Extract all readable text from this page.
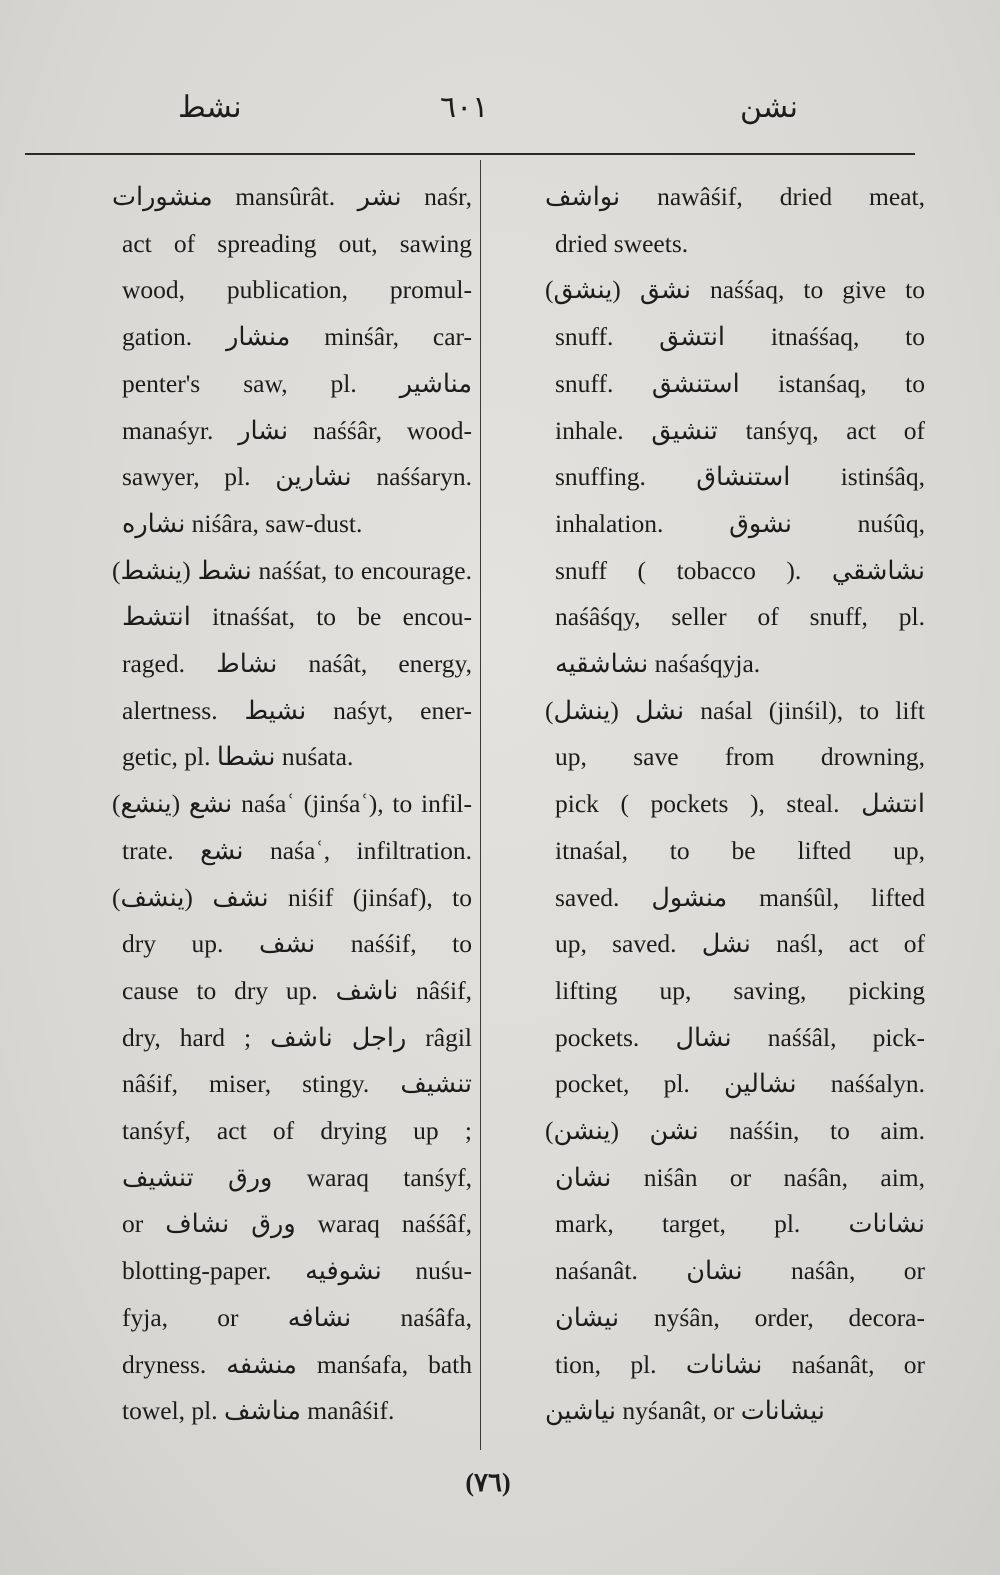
نشط	٦٠١	نشن
منشورات mansûrât. نشر naśr,
act of spreading out, sawing
wood, publication, promul-
gation. منشار minśâr, car-
penter's saw, pl. مناشير
manaśyr. نشار naśśâr, wood-
sawyer, pl. نشارين naśśaryn.
نشاره niśâra, saw-dust.
نشط (ينشط) naśśat, to encourage.
انتشط itnaśśat, to be encou-
raged. نشاط naśât, energy,
alertness. نشيط naśyt, ener-
getic, pl. نشطا nuśata.
نشع (ينشع) naśaʿ (jinśaʿ), to infil-
trate. نشع naśaʿ, infiltration.
نشف (ينشف) niśif (jinśaf), to
dry up. نشف naśśif, to
cause to dry up. ناشف nâśif,
dry, hard ; راجل ناشف râgil
nâśif, miser, stingy. تنشيف
tanśyf, act of drying up ;
ورق تنشيف waraq tanśyf,
or ورق نشاف waraq naśśâf,
blotting-paper. نشوفيه nuśu-
fyja, or نشافه naśâfa,
dryness. منشفه manśafa, bath
towel, pl. مناشف manâśif.
نواشف nawâśif, dried meat,
dried sweets.
نشق (ينشق) naśśaq, to give to
snuff. انتشق itnaśśaq, to
snuff. استنشق istanśaq, to
inhale. تنشيق tanśyq, act of
snuffing. استنشاق istinśâq,
inhalation. نشوق nuśûq,
snuff ( tobacco ). نشاشقي
naśâśqy, seller of snuff, pl.
نشاشقيه naśaśqyja.
نشل (ينشل) naśal (jinśil), to lift
up, save from drowning,
pick ( pockets ), steal. انتشل
itnaśal, to be lifted up,
saved. منشول manśûl, lifted
up, saved. نشل naśl, act of
lifting up, saving, picking
pockets. نشال naśśâl, pick-
pocket, pl. نشالين naśśalyn.
نشن (ينشن) naśśin, to aim.
نشان niśân or naśân, aim,
mark, target, pl. نشانات
naśanât. نشان naśân, or
نيشان nyśân, order, decora-
tion, pl. نشانات naśanât, or
نياشين nyśanât, or نيشانات
(٧٦)
